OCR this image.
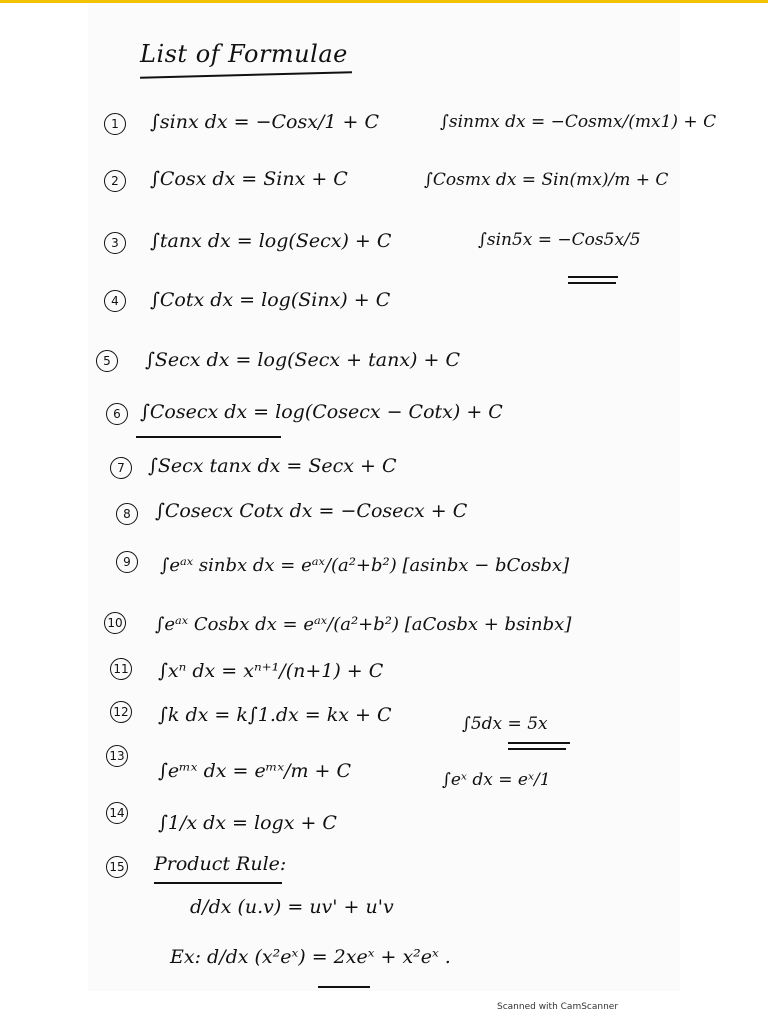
List of Formulae
1	∫sinx dx = −Cosx/1 + C
2	∫Cosx dx = Sinx + C
3	∫tanx dx = log(Secx) + C
4	∫Cotx dx = log(Sinx) + C
5	∫Secx dx = log(Secx + tanx) + C
6	∫Cosecx dx = log(Cosecx − Cotx) + C
7	∫Secx tanx dx = Secx + C
8	∫Cosecx Cotx dx = −Cosecx + C
9	∫eᵃˣ sinbx dx = eᵃˣ/(a²+b²) [asinbx − bCosbx]
10 ∫eᵃˣ Cosbx dx = eᵃˣ/(a²+b²) [aCosbx + bsinbx]
11 ∫xⁿ dx = xⁿ⁺¹/(n+1) + C
12 ∫k dx = k∫1.dx = kx + C
13
∫eᵐˣ dx = eᵐˣ/m + C
14 ∫1/x dx = logx + C
15 Product Rule:
d/dx (u.v) = uv' + u'v
Ex: d/dx (x²eˣ) = 2xeˣ + x²eˣ .
∫sinmx dx = −Cosmx/(mx1) + C
∫Cosmx dx = Sin(mx)/m + C
∫sin5x = −Cos5x/5
∫5dx = 5x
∫eˣ dx = eˣ/1
Scanned with CamScanner
